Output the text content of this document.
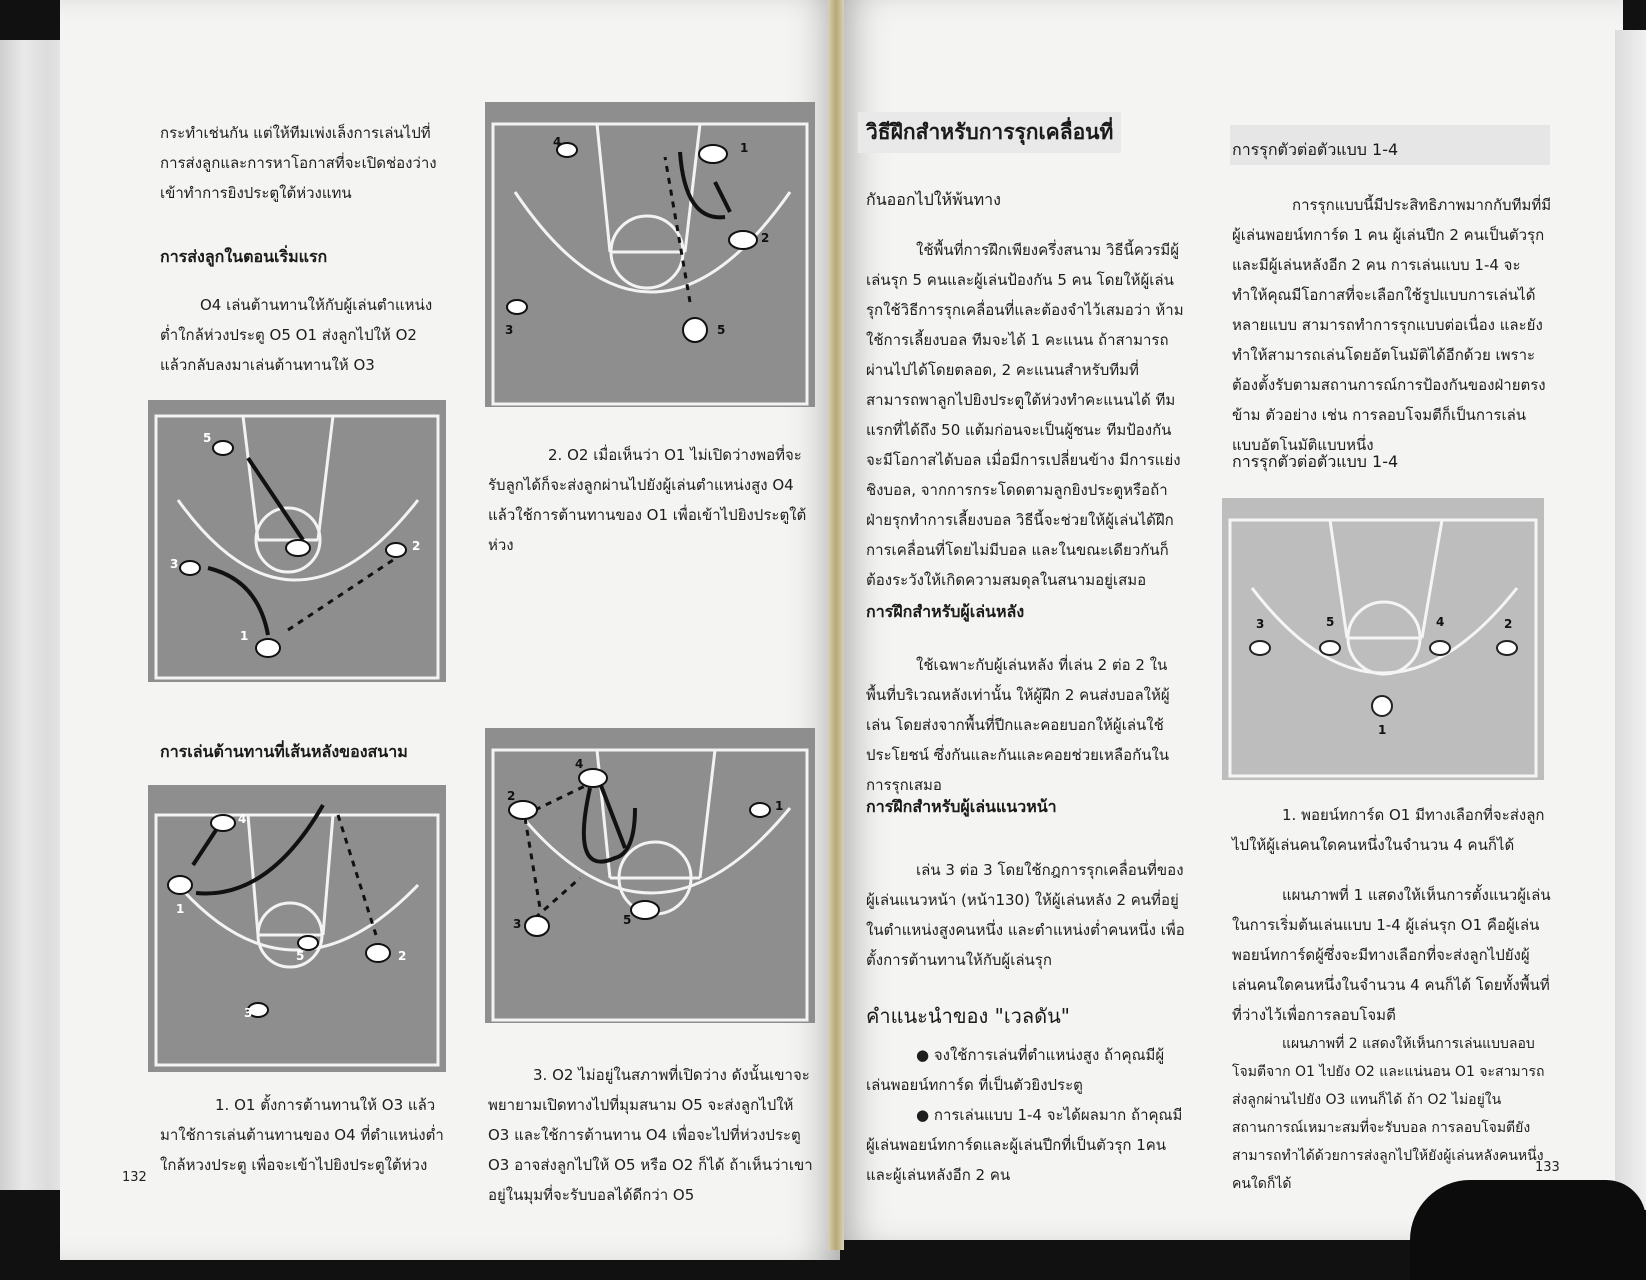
กระทำเช่นกัน แต่ให้ทีมเพ่งเล็งการเล่นไปที่การส่งลูกและการหาโอกาสที่จะเปิดช่องว่าง เข้าทำการยิงประตูใต้ห่วงแทน
การส่งลูกในตอนเริ่มแรก
O4 เล่นต้านทานให้กับผู้เล่นตำแหน่งต่ำใกล้ห่วงประตู O5 O1 ส่งลูกไปให้ O2 แล้วกลับลงมาเล่นต้านทานให้ O3
5
3
1
2
การเล่นต้านทานที่เส้นหลังของสนาม
4
1
5	2
3
1. O1 ตั้งการต้านทานให้ O3 แล้วมาใช้การเล่นต้านทานของ O4 ที่ตำแหน่งต่ำใกล้หวงประตู เพื่อจะเข้าไปยิงประตูใต้ห่วง
132
4	1
2
3	5
2. O2 เมื่อเห็นว่า O1 ไม่เปิดว่างพอที่จะรับลูกได้ก็จะส่งลูกผ่านไปยังผู้เล่นตำแหน่งสูง O4 แล้วใช้การต้านทานของ O1 เพื่อเข้าไปยิงประตูใต้ห่วง
4
2
1
3	5
3. O2 ไม่อยู่ในสภาพที่เปิดว่าง ดังนั้นเขาจะพยายามเปิดทางไปที่มุมสนาม O5 จะส่งลูกไปให้ O3 และใช้การต้านทาน O4 เพื่อจะไปที่ห่วงประตู O3 อาจส่งลูกไปให้ O5 หรือ O2 ก็ได้ ถ้าเห็นว่าเขาอยู่ในมุมที่จะรับบอลได้ดีกว่า O5
วิธีฝึกสำหรับการรุกเคลื่อนที่
กันออกไปให้พ้นทาง
ใช้พื้นที่การฝึกเพียงครึ่งสนาม วิธีนี้ควรมีผู้เล่นรุก 5 คนและผู้เล่นป้องกัน 5 คน โดยให้ผู้เล่นรุกใช้วิธีการรุกเคลื่อนที่และต้องจำไว้เสมอว่า ห้ามใช้การเลี้ยงบอล ทีมจะได้ 1 คะแนน ถ้าสามารถผ่านไปได้โดยตลอด, 2 คะแนนสำหรับทีมที่สามารถพาลูกไปยิงประตูใต้ห่วงทำคะแนนได้ ทีมแรกที่ได้ถึง 50 แต้มก่อนจะเป็นผู้ชนะ ทีมป้องกันจะมีโอกาสได้บอล เมื่อมีการเปลี่ยนข้าง มีการแย่งชิงบอล, จากการกระโดดตามลูกยิงประตูหรือถ้าฝ่ายรุกทำการเลี้ยงบอล วิธีนี้จะช่วยให้ผู้เล่นได้ฝึกการเคลื่อนที่โดยไม่มีบอล และในขณะเดียวกันก็ต้องระวังให้เกิดความสมดุลในสนามอยู่เสมอ
การฝึกสำหรับผู้เล่นหลัง
ใช้เฉพาะกับผู้เล่นหลัง ที่เล่น 2 ต่อ 2 ในพื้นที่บริเวณหลังเท่านั้น ให้ผู้ฝึก 2 คนส่งบอลให้ผู้เล่น โดยส่งจากพื้นที่ปีกและคอยบอกให้ผู้เล่นใช้ประโยชน์ ซึ่งกันและกันและคอยช่วยเหลือกันในการรุกเสมอ
การฝึกสำหรับผู้เล่นแนวหน้า
เล่น 3 ต่อ 3 โดยใช้กฎการรุกเคลื่อนที่ของผู้เล่นแนวหน้า (หน้า130) ให้ผู้เล่นหลัง 2 คนที่อยู่ในตำแหน่งสูงคนหนึ่ง และตำแหน่งต่ำคนหนึ่ง เพื่อตั้งการต้านทานให้กับผู้เล่นรุก
คำแนะนำของ "เวลดัน"
● จงใช้การเล่นที่ตำแหน่งสูง ถ้าคุณมีผู้เล่นพอยน์ทการ์ด ที่เป็นตัวยิงประตู
● การเล่นแบบ 1-4 จะได้ผลมาก ถ้าคุณมีผู้เล่นพอยน์ทการ์ดและผู้เล่นปีกที่เป็นตัวรุก 1คน และผู้เล่นหลังอีก 2 คน
การรุกตัวต่อตัวแบบ 1-4
การรุกแบบนี้มีประสิทธิภาพมากกับทีมที่มีผู้เล่นพอยน์ทการ์ด 1 คน ผู้เล่นปีก 2 คนเป็นตัวรุก และมีผู้เล่นหลังอีก 2 คน การเล่นแบบ 1-4 จะทำให้คุณมีโอกาสที่จะเลือกใช้รูปแบบการเล่นได้หลายแบบ สามารถทำการรุกแบบต่อเนื่อง และยังทำให้สามารถเล่นโดยอัตโนมัติได้อีกด้วย เพราะต้องตั้งรับตามสถานการณ์การป้องกันของฝ่ายตรงข้าม ตัวอย่าง เช่น การลอบโจมตีก็เป็นการเล่นแบบอัตโนมัติแบบหนึ่ง
การรุกตัวต่อตัวแบบ 1-4
3	5	4	2
1
1. พอยน์ทการ์ด O1 มีทางเลือกที่จะส่งลูกไปให้ผู้เล่นคนใดคนหนึ่งในจำนวน 4 คนก็ได้
แผนภาพที่ 1 แสดงให้เห็นการตั้งแนวผู้เล่นในการเริ่มต้นเล่นแบบ 1-4 ผู้เล่นรุก O1 คือผู้เล่นพอยน์ทการ์ดผู้ซึ่งจะมีทางเลือกที่จะส่งลูกไปยังผู้เล่นคนใดคนหนึ่งในจำนวน 4 คนก็ได้ โดยทั้งพื้นที่ที่ว่างไว้เพื่อการลอบโจมตี
แผนภาพที่ 2 แสดงให้เห็นการเล่นแบบลอบโจมตีจาก O1 ไปยัง O2 และแน่นอน O1 จะสามารถส่งลูกผ่านไปยัง O3 แทนก็ได้ ถ้า O2 ไม่อยู่ในสถานการณ์เหมาะสมที่จะรับบอล การลอบโจมตียังสามารถทำได้ด้วยการส่งลูกไปให้ยังผู้เล่นหลังคนหนึ่งคนใดก็ได้
133
